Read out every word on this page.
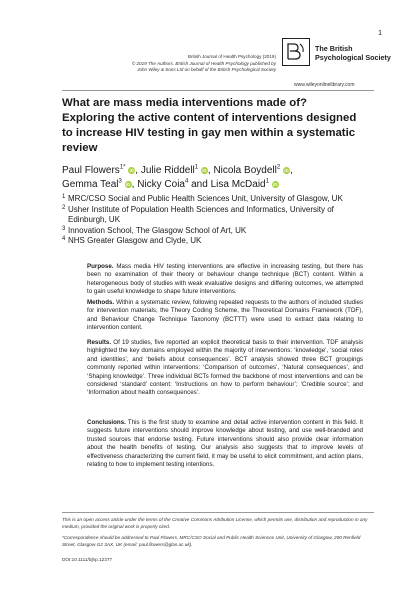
1
British Journal of Health Psychology (2019)
© 2019 The Authors. British Journal of Health Psychology published by
John Wiley & Sons Ltd on behalf of the British Psychological Society
The British
Psychological Society
www.wileyonlinelibrary.com
What are mass media interventions made of? Exploring the active content of interventions designed to increase HIV testing in gay men within a systematic review
Paul Flowers$^{1*}$ iD, Julie Riddell$^1$ iD, Nicola Boydell$^2$ iD,
Gemma Teal$^3$ iD, Nicky Coia$^4$ and Lisa McDaid$^1$ iD
1 MRC/CSO Social and Public Health Sciences Unit, University of Glasgow, UK
2 Usher Institute of Population Health Sciences and Informatics, University of Edinburgh, UK
3 Innovation School, The Glasgow School of Art, UK
4 NHS Greater Glasgow and Clyde, UK

Purpose. Mass media HIV testing interventions are effective in increasing testing, but there has been no examination of their theory or behaviour change technique (BCT) content. Within a heterogeneous body of studies with weak evaluative designs and differing outcomes, we attempted to gain useful knowledge to shape future interventions.

Methods. Within a systematic review, following repeated requests to the authors of included studies for intervention materials, the Theory Coding Scheme, the Theoretical Domains Framework (TDF), and Behaviour Change Technique Taxonomy (BCTTT) were used to extract data relating to intervention content.

Results. Of 19 studies, five reported an explicit theoretical basis to their intervention. TDF analysis highlighted the key domains employed within the majority of interventions: ‘knowledge’, ‘social roles and identities’, and ‘beliefs about consequences’. BCT analysis showed three BCT groupings commonly reported within interventions: ‘Comparison of outcomes’, ‘Natural consequences’, and ‘Shaping knowledge’. Three individual BCTs formed the backbone of most interventions and can be considered ‘standard’ content: ‘Instructions on how to perform behaviour’; ‘Credible source’; and ‘Information about health consequences’.

Conclusions. This is the first study to examine and detail active intervention content in this field. It suggests future interventions should improve knowledge about testing, and use well-branded and trusted sources that endorse testing. Future interventions should also provide clear information about the health benefits of testing. Our analysis also suggests that to improve levels of effectiveness characterizing the current field, it may be useful to elicit commitment, and action plans, relating to how to implement testing intentions.

This is an open access article under the terms of the Creative Commons Attribution License, which permits use, distribution and reproduction in any medium, provided the original work is properly cited.

*Correspondence should be addressed to Paul Flowers, MRC/CSO Social and Public Health Sciences Unit, University of Glasgow, 200 Renfield Street, Glasgow G2 3AX, UK (email: paul.flowers@glas.ac.uk).

DOI:10.1111/bjhp.12377
